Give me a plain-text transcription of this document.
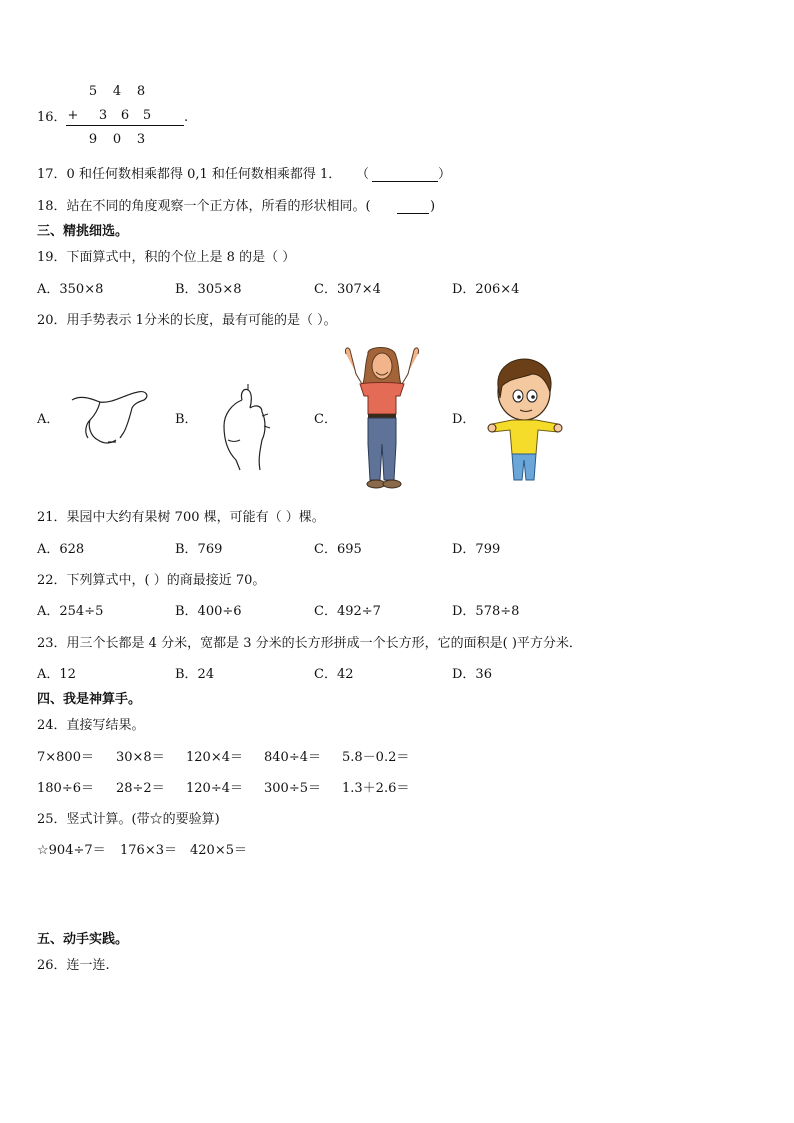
16．
5 4 8
+ 3 6 5	.
9 0 3
17．0 和任何数相乘都得 0,1 和任何数相乘都得 1． （	）
18．站在不同的角度观察一个正方体，所看的形状相同。(	)
三、精挑细选。
19．下面算式中，积的个位上是 8 的是（ ）
A．350×8	B．305×8	C．307×4	D．206×4
20．用手势表示 1分米的长度，最有可能的是（ ）。
A．	B．	C．	D．
21．果园中大约有果树 700 棵，可能有（ ）棵。
A．628	B．769	C．695	D．799
22．下列算式中，( ）的商最接近 70。
A．254÷5	B．400÷6	C．492÷7	D．578÷8
23．用三个长都是 4 分米，宽都是 3 分米的长方形拼成一个长方形，它的面积是( )平方分米．
A．12	B．24	C．42	D．36
四、我是神算手。
24．直接写结果。
7×800＝ 30×8＝ 120×4＝ 840÷4＝ 5.8－0.2＝
180÷6＝ 28÷2＝ 120÷4＝ 300÷5＝ 1.3＋2.6＝
25．竖式计算。(带☆的要验算)
☆904÷7＝ 176×3＝ 420×5＝
五、动手实践。
26．连一连.
